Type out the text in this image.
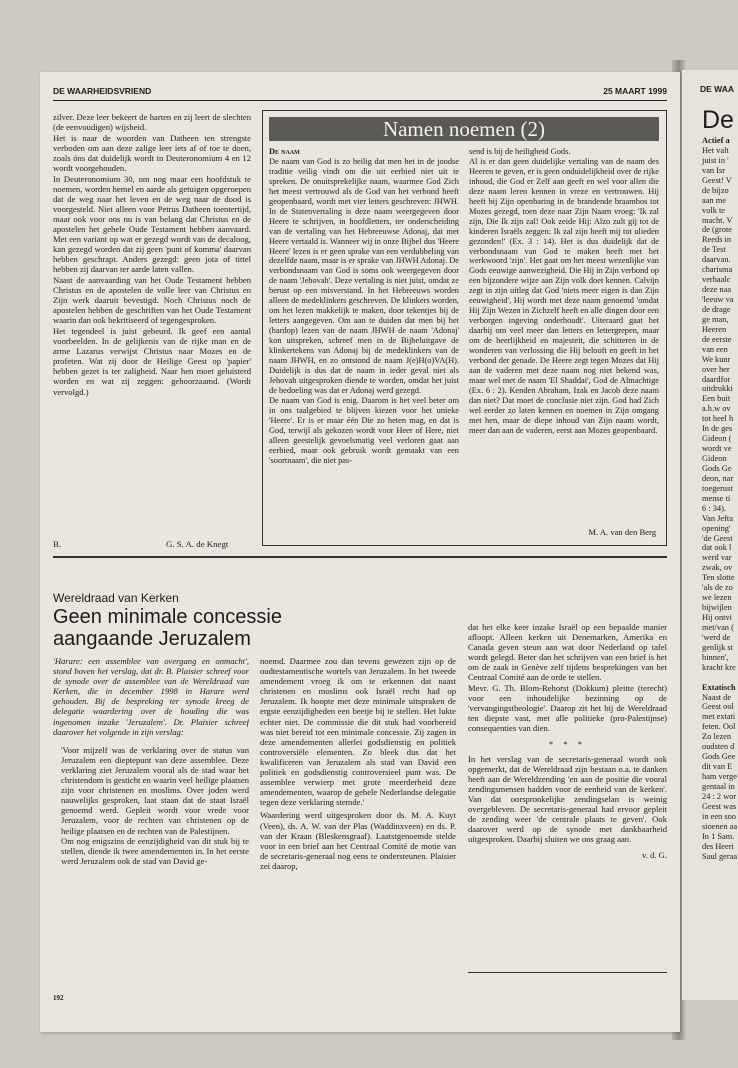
DE WAARHEIDSVRIEND	25 MAART 1999

zilver. Deze leer bekeert de harten en zij leert de slechten (de eenvoudigen) wijsheid.

Het is naar de woorden van Datheen ten strengste verboden om aan deze zalige leer iets af of toe te doen, zoals óns dat duidelijk wordt in Deuteronomium 4 en 12 wordt voorgehouden.

In Deuteronomium 30, om nog maar een hoofdstuk te noemen, worden hemel en aarde als getuigen opgeroepen dat de weg naar het leven en de weg naar de dood is voorgesteld. Niet alleen voor Petrus Datheen toentertijd, maar ook voor ons nu is van belang dat Christus en de apostelen het gehele Oude Testament hebben aanvaard. Met een variant op wat er gezegd wordt van de decaloog, kan gezegd worden dat zij geen 'punt of komma' daarvan hebben geschrapt. Anders gezegd: geen jota of tittel hebben zij daarvan ter aarde laten vallen.

Naast de aanvaarding van het Oude Testament hebben Christus en de apostelen de volle leer van Christus en Zijn werk daaruit bevestigd. Noch Christus noch de apostelen hebben de geschriften van het Oude Testament waarin dan ook bekritiseerd of tegengesproken.

Het tegendeel is juist gebeurd. Ik geef een aantal voorbeelden. In de gelijkenis van de rijke man en de arme Lazarus verwijst Christus naar Mozes en de profeten. Wat zij door de Heilige Geest op 'papier' hebben gezet is ter zaligheid. Naar hen moet geluisterd worden en wat zij zeggen: gehoorzaamd. (Wordt vervolgd.)

B.	G. S. A. de Knegt
Namen noemen (2)

De naam

De naam van God is zo heilig dat men het in de joodse traditie veilig vindt om die uit eerbied niet uit te spreken. De onuitsprekelijke naam, waarmee God Zich het meest vertrouwd als de God van het verbond heeft geopenbaard, wordt met vier letters geschreven: JHWH. In de Statenvertaling is deze naam weergegeven door Heere te schrijven, in hoofdletters, ter onderscheiding van de vertaling van het Hebreeuwse Adonaj, dat met Heere vertaald is. Wanneer wij in onze Bijbel dus 'Heere Heere' lezen is er geen sprake van een verdubbeling van dezelfde naam, maar is er sprake van JHWH Adonaj. De verbondsnaam van God is soms ook weergegeven door de naam 'Jehovah'. Deze vertaling is niet juist, omdat ze berust op een misverstand. In het Hebreeuws worden alleen de medeklinkers geschreven. De klinkers worden, om het lezen makkelijk te maken, door tekentjes bij de letters aangegeven. Om aan te duiden dat men bij het (hardop) lezen van de naam JHWH de naam 'Adonaj' kon uitspreken, schreef men in de Bijbeluitgave de klinkertekens van Adonaj bij de medeklinkers van de naam JHWH, en zo ontstond de naam J(e)H(o)VA(H). Duidelijk is dus dat de naam in ieder geval niet als Jehovah uitgesproken diende te worden, omdat het juist de bedoeling was dat er Adonaj werd gezegd.

De naam van God is enig. Daarom is het veel beter om in ons taalgebied te blijven kiezen voor het unieke 'Heere'. Er is er maar één Die zo heten mag, en dat is God, terwijl als gekozen wordt voor Heer of Here, niet alleen geestelijk gevoelsmatig veel verloren gaat aan eerbied, maar ook gebruik wordt gemaakt van een 'soortnaam', die niet pas-

send is bij de heiligheid Gods.

Al is er dan geen duidelijke vertaling van de naam des Heeren te geven, er is geen onduidelijkheid over de rijke inhoud, die God er Zelf aan geeft en wel voor allen die deze naam leren kennen in vreze en vertrouwen. Hij heeft bij Zijn openbaring in de brandende braambos tot Mozes gezegd, toen deze naar Zijn Naam vroeg: 'Ik zal zijn, Die Ik zijn zal! Ook zeide Hij: Alzo zult gij tot de kinderen Israëls zeggen: Ik zal zijn heeft mij tot ulieden gezonden!' (Ex. 3 : 14). Het is dus duidelijk dat de verbondsnaam van God te maken heeft met het werkwoord 'zijn'. Het gaat om het meest wezenlijke van Gods eeuwige aanwezigheid. Die Hij in Zijn verbond op een bijzondere wijze aan Zijn volk doet kennen. Calvijn zegt in zijn uitleg dat God 'niets meer eigen is dan Zijn eeuwigheid', Hij wordt met deze naam genoemd 'omdat Hij Zijn Wezen in Zichzelf heeft en alle dingen door een verborgen ingeving onderhoudt'. Uiteraard gaat het daarbij om veel meer dan letters en lettergrepen, maar om de heerlijkheid en majesteit, die schitteren in de wonderen van verlossing die Hij belooft en geeft in het verbond der genade. De Heere zegt tegen Mozes dat Hij aan de vaderen met deze naam nog niet bekend was, maar wel met de naam 'El Shaddai', God de Almachtige (Ex. 6 : 2). Kenden Abraham, Izak en Jacob deze naam dan niet? Dat moet de conclusie niet zijn. God had Zich wel eerder zo laten kennen en noemen in Zijn omgang met hen, maar de diepe inhoud van Zijn naam wordt, meer dan aan de vaderen, eerst aan Mozes geopenbaard.

M. A. van den Berg
Wereldraad van Kerken
Geen minimale concessie aangaande Jeruzalem

'Harare: een assemblee van overgang en onmacht', stond boven het verslag, dat dr. B. Plaisier schreef voor de synode over de assemblee van de Wereldraad van Kerken, die in december 1998 in Harare werd gehouden. Bij de bespreking ter synode kreeg de delegatie waardering over de houding die was ingenomen inzake 'Jeruzalem'. Dr. Plaisier schreef daarover het volgende in zijn verslag:

'Voor mijzelf was de verklaring over de status van Jeruzalem een dieptepunt van deze assemblee. Deze verklaring ziet Jeruzalem vooral als de stad waar het christendom is gesticht en waarin veel heilige plaatsen zijn voor christenen en moslims. Over joden werd nauwelijks gesproken, laat staan dat de staat Israël genoemd werd. Gepleit wordt voor vrede voor Jeruzalem, voor de rechten van christenen op de heilige plaatsen en de rechten van de Palestijnen.

Om nog enigszins de eenzijdigheid van dit stuk bij te stellen, diende ik twee amendementen in. In het eerste werd Jeruzalem ook de stad van David ge-

noemd. Daarmee zou dan tevens gewezen zijn op de oudtestamentische wortels van Jeruzalem. In het tweede amendement vroeg ik om te erkennen dat naast christenen en moslims ook Israël recht had op Jeruzalem. Ik hoopte met deze minimale uitspraken de ergste eenzijdigheden een beetje bij te stellen. Het lukte echter niet. De commissie die dit stuk had voorbereid was niet bereid tot een minimale concessie. Zij zagen in deze amendementen allerlei godsdienstig en politiek controversiële elementen. Zo bleek dus dat het kwalificeren van Jeruzalem als stad van David een politiek en godsdienstig controversieel punt was. De assemblee verwierp met grote meerderheid deze amendementen, waarop de gehele Nederlandse delegatie tegen deze verklaring stemde.'

Waardering werd uitgesproken door ds. M. A. Kuyt (Veen), ds. A. W. van der Plas (Waddinxveen) en ds. P. van der Kraan (Bleskensgraaf). Laatstgenoemde stelde voor in een brief aan het Centraal Comité de motie van de secretaris-generaal nog eens te ondersteunen. Plaisier zei daarop,

dat het elke keer inzake Israël op een bepaalde manier afloopt. Alleen kerken uit Denemarken, Amerika en Canada geven steun aan wat door Nederland op tafel wordt gelegd. Beter dan het schrijven van een brief is het om de zaak in Genève zelf tijdens besprekingen van het Centraal Comité aan de orde te stellen.

Mevr. G. Th. Blom-Rehorst (Dokkum) pleitte (terecht) voor een inhoudelijke bezinning op de 'vervangingstheologie'. Daarop zit het bij de Wereldraad ten diepste vast, met alle politieke (pro-Palestijnse) consequenties van dien.

* * *

In het verslag van de secretaris-generaal wordt ook opgemerkt, dat de Wereldraad zijn bestaan o.a. te danken heeft aan de Wereldzending 'en aan de positie die vooral zendingsmensen hadden voor de eenheid van de kerken'. Van dat oorspronkelijke zendingselan is weinig overgebleven. De secretaris-generaal had ervoor gepleit de zending weer 'de centrale plaats te geven'. Ook daarover werd op de synode met dankbaarheid uitgesproken. Daarbij sluiten we ons graag aan.

v. d. G.

192
DE WAA
De
Actief a
Het valt
juist in '
van Isr
Geest! V
de bijzo
aan me
volk te
macht. V
de (grote
Reeds in
de Test
daarvan.
charisma
verhaalc
deze naa
'leeuw va
de drage
ge man,
Heeren
de eerste
van een
We kunr
over her
daardfor
uitdrukki
Een buit
a.h.w ov
tot heel h
In de ges
Gideon (
wordt ve
Gideon
Gods Ge
deon, nar
toegerust
mense ti
6 : 34).
Van Jefta
opening'
'de Geest
dat ook l
werd var
zwak, ov
Ten slotte
'als de zo
we lezen
bijwijlen
Hij ontvi
met/van (
'werd de
genlijk st
binnen',
kracht kre
Extatisch
Naast de
Geest ool
met extati
feten. Ool
Zo lezen
oudsten d
Gods Gee
dit van E
ham verge
gentaal in
24 : 2 wor
Geest was
in een soo
sioenen aa
In 1 Sam.
des Heeri
Saul geraa
